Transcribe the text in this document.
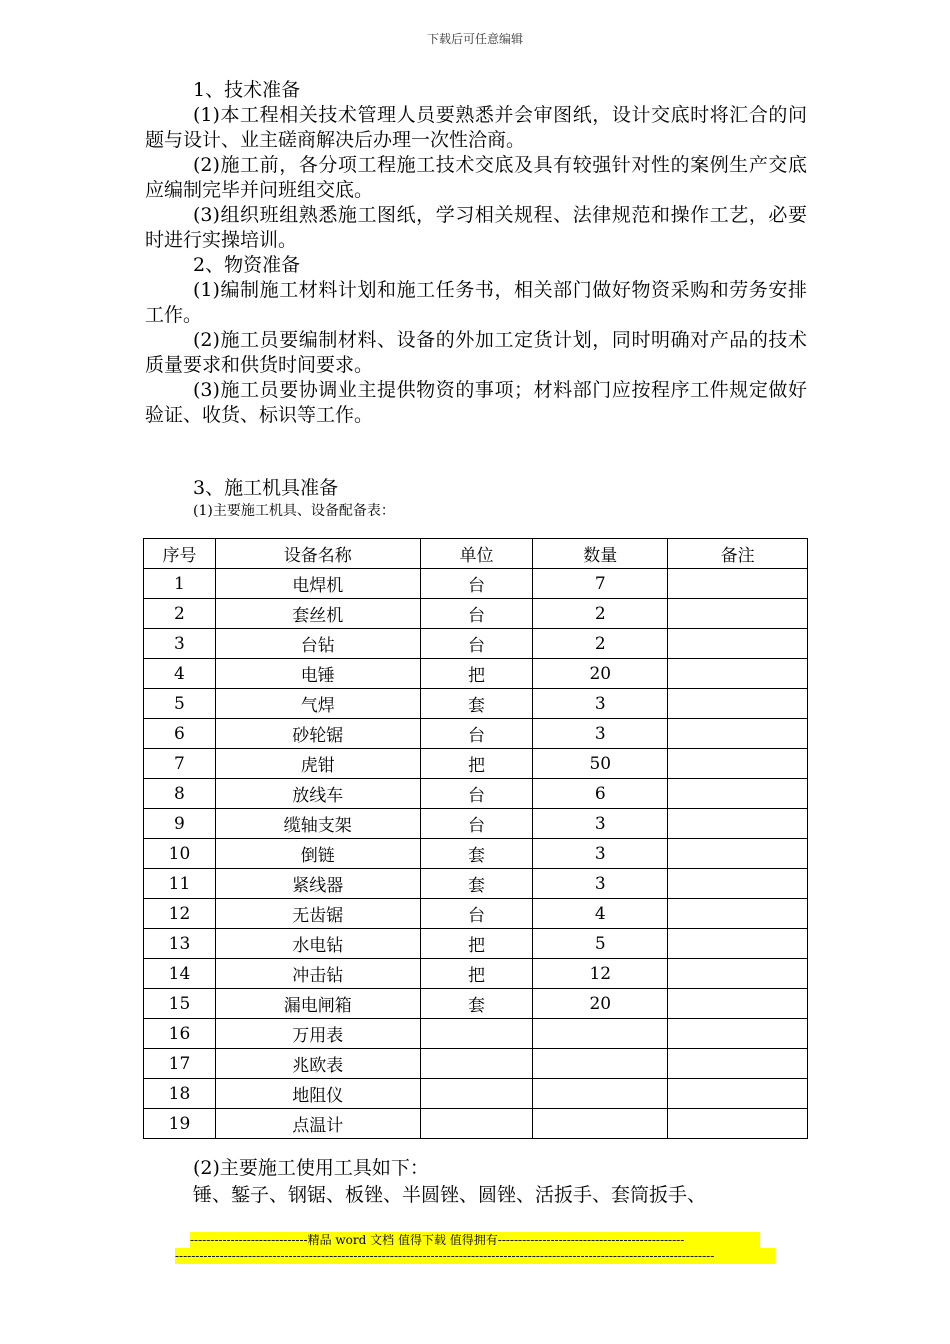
下载后可任意编辑

1、技术准备

(1)本工程相关技术管理人员要熟悉并会审图纸，设计交底时将汇合的问题与设计、业主磋商解决后办理一次性洽商。

(2)施工前，各分项工程施工技术交底及具有较强针对性的案例生产交底应编制完毕并问班组交底。

(3)组织班组熟悉施工图纸，学习相关规程、法律规范和操作工艺，必要时进行实操培训。

2、物资准备

(1)编制施工材料计划和施工任务书，相关部门做好物资采购和劳务安排工作。

(2)施工员要编制材料、设备的外加工定货计划，同时明确对产品的技术质量要求和供货时间要求。

(3)施工员要协调业主提供物资的事项；材料部门应按程序工件规定做好验证、收货、标识等工作。

3、施工机具准备

(1)主要施工机具、设备配备表：

序号	设备名称	单位	数量	备注
1	电焊机	台	7	
2	套丝机	台	2	
3	台钻	台	2	
4	电锤	把	20	
5	气焊	套	3	
6	砂轮锯	台	3	
7	虎钳	把	50	
8	放线车	台	6	
9	缆轴支架	台	3	
10	倒链	套	3	
11	紧线器	套	3	
12	无齿锯	台	4	
13	水电钻	把	5	
14	冲击钻	把	12	
15	漏电闸箱	套	20	
16	万用表			
17	兆欧表			
18	地阻仪			
19	点温计			

(2)主要施工使用工具如下：

锤、錾子、钢锯、板锉、半圆锉、圆锉、活扳手、套筒扳手、

-----------------------------精品 word 文档 值得下载 值得拥有----------------------------------------------
-------------------------------------------------------------------------------------------------------------------------------------
